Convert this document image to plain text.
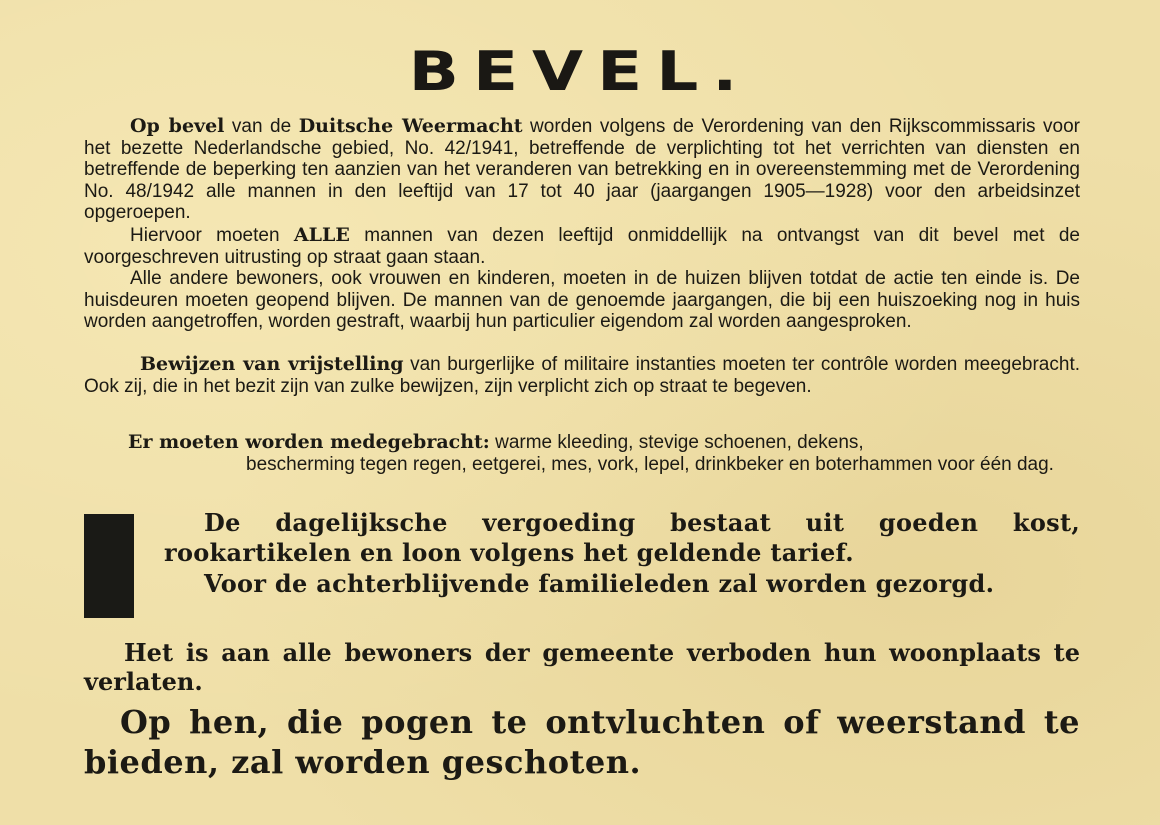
BEVEL.
Op bevel van de Duitsche Weermacht worden volgens de Verordening van den Rijkscommissaris voor het bezette Nederlandsche gebied, No. 42/1941, betreffende de verplichting tot het verrichten van diensten en betreffende de beperking ten aanzien van het veranderen van betrekking en in overeenstemming met de Verordening No. 48/1942 alle mannen in den leeftijd van 17 tot 40 jaar (jaargangen 1905—1928) voor den arbeidsinzet opgeroepen.
Hiervoor moeten ALLE mannen van dezen leeftijd onmiddellijk na ontvangst van dit bevel met de voorgeschreven uitrusting op straat gaan staan.
Alle andere bewoners, ook vrouwen en kinderen, moeten in de huizen blijven totdat de actie ten einde is. De huisdeuren moeten geopend blijven. De mannen van de genoemde jaargangen, die bij een huiszoeking nog in huis worden aangetroffen, worden gestraft, waarbij hun particulier eigendom zal worden aangesproken.
Bewijzen van vrijstelling van burgerlijke of militaire instanties moeten ter contrôle worden meegebracht. Ook zij, die in het bezit zijn van zulke bewijzen, zijn verplicht zich op straat te begeven.
Er moeten worden medegebracht: warme kleeding, stevige schoenen, dekens,
bescherming tegen regen, eetgerei, mes, vork, lepel, drinkbeker en boterhammen voor één dag.
De dagelijksche vergoeding bestaat uit goeden kost, rookartikelen en loon volgens het geldende tarief.
Voor de achterblijvende familieleden zal worden gezorgd.
Het is aan alle bewoners der gemeente verboden hun woonplaats te verlaten.
Op hen, die pogen te ontvluchten of weerstand te bieden, zal worden geschoten.
